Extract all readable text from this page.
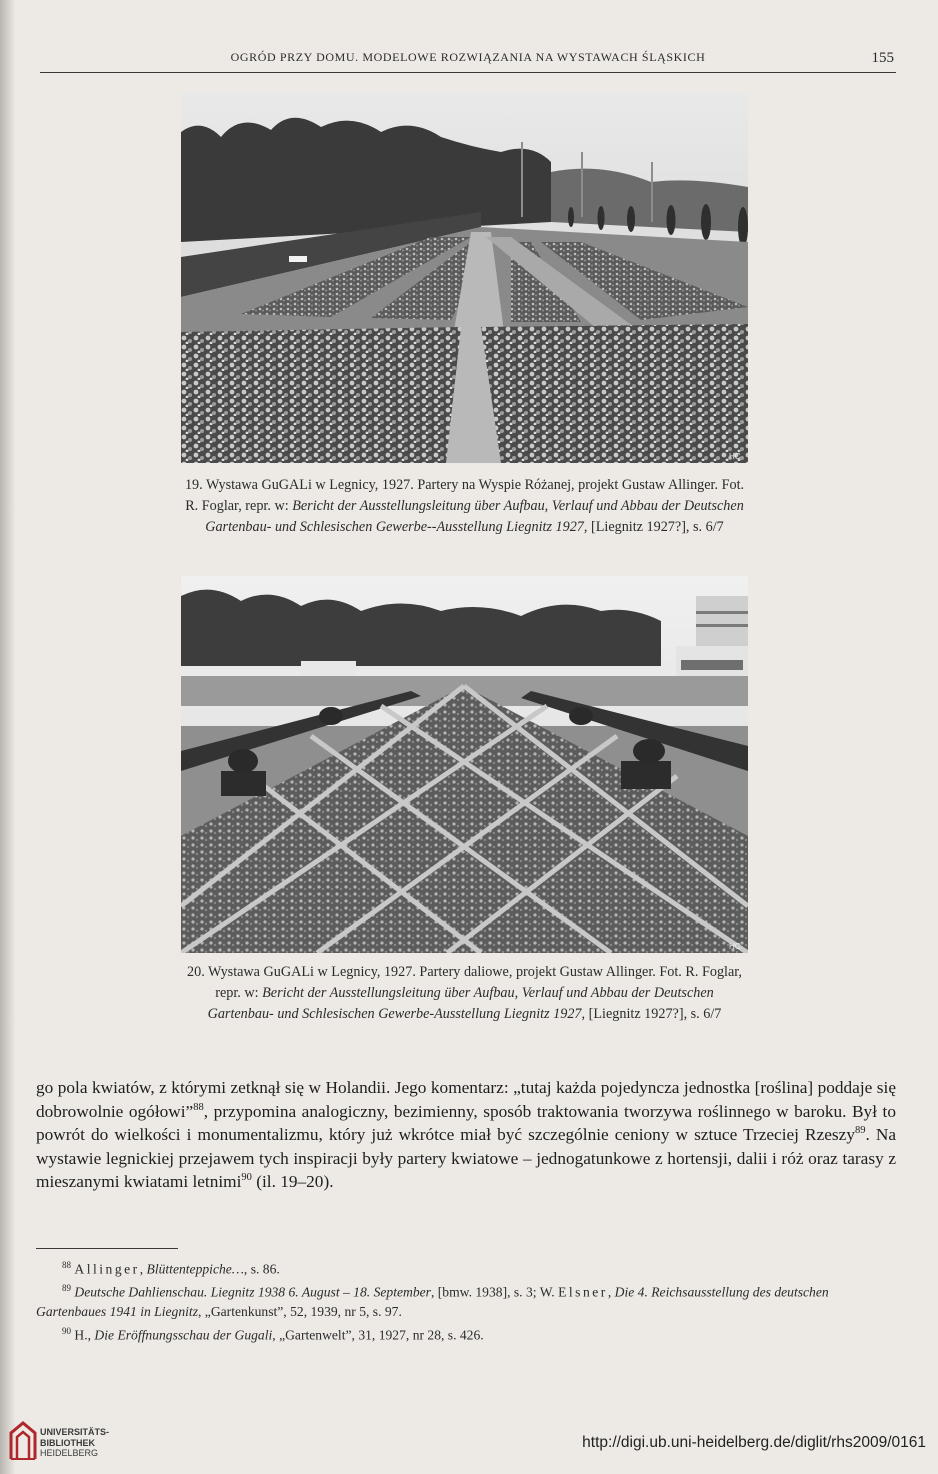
OGRÓD PRZY DOMU. MODELOWE ROZWIĄZANIA NA WYSTAWACH ŚLĄSKICH	155
HC
19. Wystawa GuGALi w Legnicy, 1927. Partery na Wyspie Różanej, projekt Gustaw Allinger. Fot. R. Foglar, repr. w: Bericht der Ausstellungsleitung über Aufbau, Verlauf und Abbau der Deutschen Gartenbau- und Schlesischen Gewerbe--Ausstellung Liegnitz 1927, [Liegnitz 1927?], s. 6/7
HC
20. Wystawa GuGALi w Legnicy, 1927. Partery daliowe, projekt Gustaw Allinger. Fot. R. Foglar, repr. w: Bericht der Ausstellungsleitung über Aufbau, Verlauf und Abbau der Deutschen Gartenbau- und Schlesischen Gewerbe-Ausstellung Liegnitz 1927, [Liegnitz 1927?], s. 6/7
go pola kwiatów, z którymi zetknął się w Holandii. Jego komentarz: „tutaj każda pojedyncza jednostka [roślina] poddaje się dobrowolnie ogółowi”$^{88}$, przypomina analogiczny, bezimienny, sposób traktowania tworzywa roślinnego w baroku. Był to powrót do wielkości i monumentalizmu, który już wkrótce miał być szczególnie ceniony w sztuce Trzeciej Rzeszy$^{89}$. Na wystawie legnickiej przejawem tych inspiracji były partery kwiatowe – jednogatunkowe z hortensji, dalii i róż oraz tarasy z mieszanymi kwiatami letnimi$^{90}$ (il. 19–20).

$^{88}$ Allinger, Blüttenteppiche…, s. 86.

$^{89}$ Deutsche Dahlienschau. Liegnitz 1938 6. August – 18. September, [bmw. 1938], s. 3; W. Elsner, Die 4. Reichsausstellung des deutschen Gartenbaues 1941 in Liegnitz, „Gartenkunst”, 52, 1939, nr 5, s. 97.

$^{90}$ H., Die Eröffnungsschau der Gugali, „Gartenwelt”, 31, 1927, nr 28, s. 426.

UNIVERSITÄTS-
BIBLIOTHEK
HEIDELBERG
http://digi.ub.uni-heidelberg.de/diglit/rhs2009/0161
